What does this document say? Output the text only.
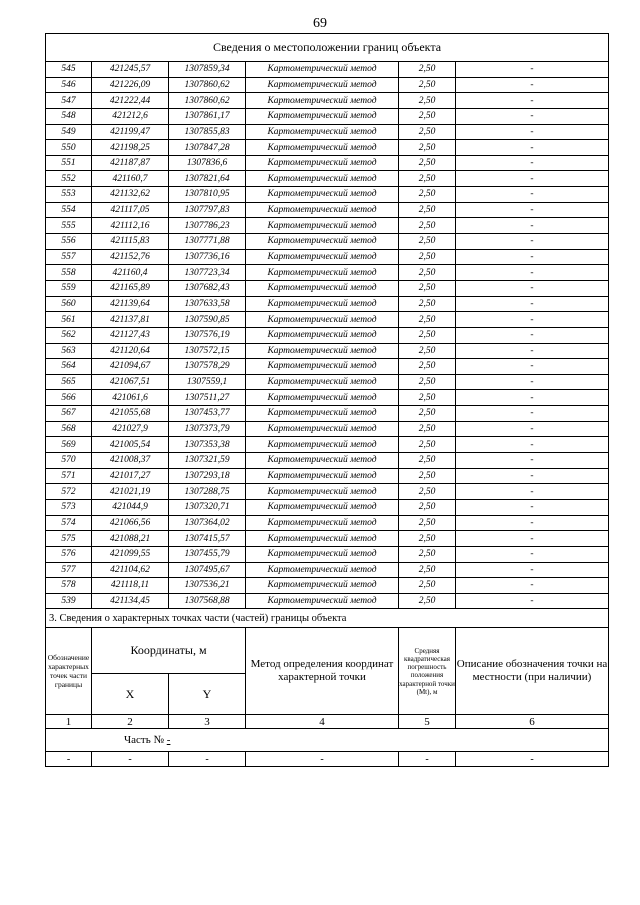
69
Сведения о местоположении границ объекта					
545	421245,57	1307859,34	Картометрический метод	2,50	-
546	421226,09	1307860,62	Картометрический метод	2,50	-
547	421222,44	1307860,62	Картометрический метод	2,50	-
548	421212,6	1307861,17	Картометрический метод	2,50	-
549	421199,47	1307855,83	Картометрический метод	2,50	-
550	421198,25	1307847,28	Картометрический метод	2,50	-
551	421187,87	1307836,6	Картометрический метод	2,50	-
552	421160,7	1307821,64	Картометрический метод	2,50	-
553	421132,62	1307810,95	Картометрический метод	2,50	-
554	421117,05	1307797,83	Картометрический метод	2,50	-
555	421112,16	1307786,23	Картометрический метод	2,50	-
556	421115,83	1307771,88	Картометрический метод	2,50	-
557	421152,76	1307736,16	Картометрический метод	2,50	-
558	421160,4	1307723,34	Картометрический метод	2,50	-
559	421165,89	1307682,43	Картометрический метод	2,50	-
560	421139,64	1307633,58	Картометрический метод	2,50	-
561	421137,81	1307590,85	Картометрический метод	2,50	-
562	421127,43	1307576,19	Картометрический метод	2,50	-
563	421120,64	1307572,15	Картометрический метод	2,50	-
564	421094,67	1307578,29	Картометрический метод	2,50	-
565	421067,51	1307559,1	Картометрический метод	2,50	-
566	421061,6	1307511,27	Картометрический метод	2,50	-
567	421055,68	1307453,77	Картометрический метод	2,50	-
568	421027,9	1307373,79	Картометрический метод	2,50	-
569	421005,54	1307353,38	Картометрический метод	2,50	-
570	421008,37	1307321,59	Картометрический метод	2,50	-
571	421017,27	1307293,18	Картометрический метод	2,50	-
572	421021,19	1307288,75	Картометрический метод	2,50	-
573	421044,9	1307320,71	Картометрический метод	2,50	-
574	421066,56	1307364,02	Картометрический метод	2,50	-
575	421088,21	1307415,57	Картометрический метод	2,50	-
576	421099,55	1307455,79	Картометрический метод	2,50	-
577	421104,62	1307495,67	Картометрический метод	2,50	-
578	421118,11	1307536,21	Картометрический метод	2,50	-
539	421134,45	1307568,88	Картометрический метод	2,50	-
3. Сведения о характерных точках части (частей) границы объекта					
Обозначение характерных точек части границы	Координаты, м		Метод определения координат характерной точки	Средняя квадратическая погрешность положения характерной точки (Mt), м	Описание обозначения точки на местности (при наличии)
	X	Y			
1	2	3	4	5	6
Часть № -					
-	-	-	-	-	-
